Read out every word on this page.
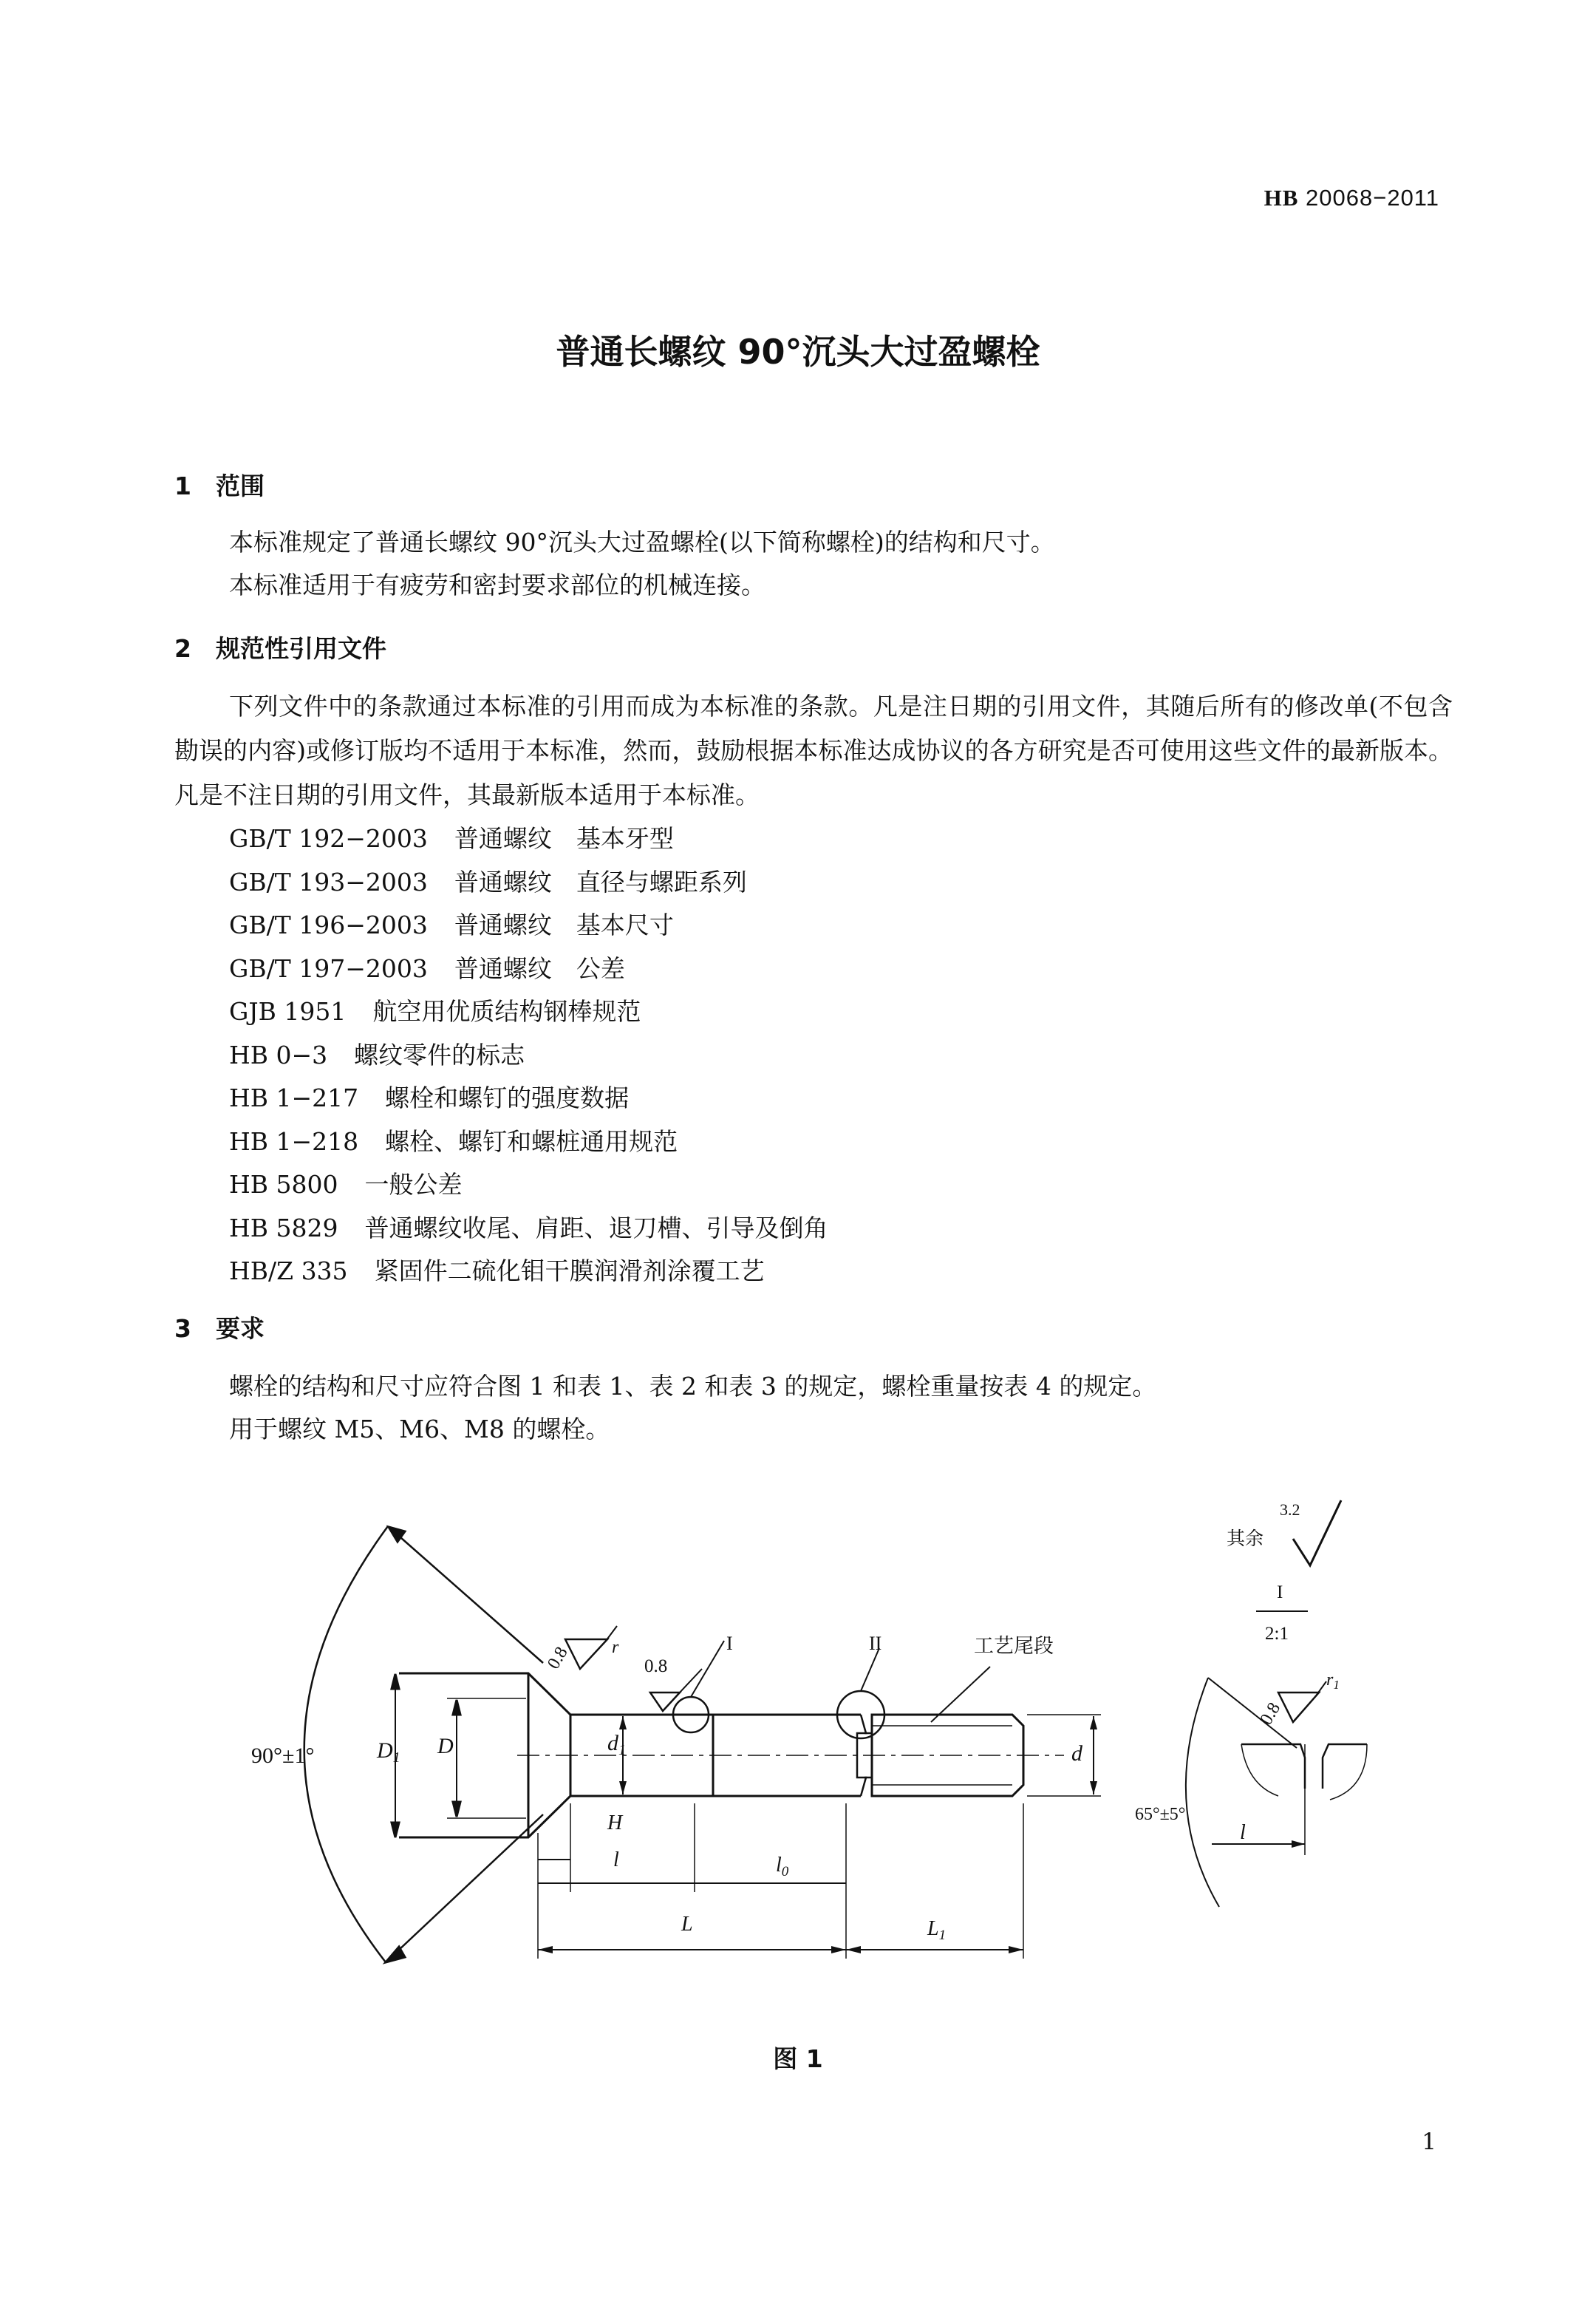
HB 20068−2011
普通长螺纹 90°沉头大过盈螺栓
1 范围
本标准规定了普通长螺纹 90°沉头大过盈螺栓(以下简称螺栓)的结构和尺寸。
本标准适用于有疲劳和密封要求部位的机械连接。
2 规范性引用文件
下列文件中的条款通过本标准的引用而成为本标准的条款。凡是注日期的引用文件，其随后所有的修改单(不包含勘误的内容)或修订版均不适用于本标准，然而，鼓励根据本标准达成协议的各方研究是否可使用这些文件的最新版本。凡是不注日期的引用文件，其最新版本适用于本标准。
GB/T 192−2003 普通螺纹　基本牙型
GB/T 193−2003 普通螺纹　直径与螺距系列
GB/T 196−2003 普通螺纹　基本尺寸
GB/T 197−2003 普通螺纹　公差
GJB 1951 航空用优质结构钢棒规范
HB 0−3 螺纹零件的标志
HB 1−217 螺栓和螺钉的强度数据
HB 1−218 螺栓、螺钉和螺桩通用规范
HB 5800 一般公差
HB 5829 普通螺纹收尾、肩距、退刀槽、引导及倒角
HB/Z 335 紧固件二硫化钼干膜润滑剂涂覆工艺
3 要求
螺栓的结构和尺寸应符合图 1 和表 1、表 2 和表 3 的规定，螺栓重量按表 4 的规定。
用于螺纹 M5、M6、M8 的螺栓。
90°±1°	$D_1$ D	$d_1$	d
H
l	$l_0$
L	$L_1$
0.8 r
0.8
I	II	工艺尾段
其余
3.2
I
2:1
0.8
$r_1$
65°±5°
l
图 1
1
